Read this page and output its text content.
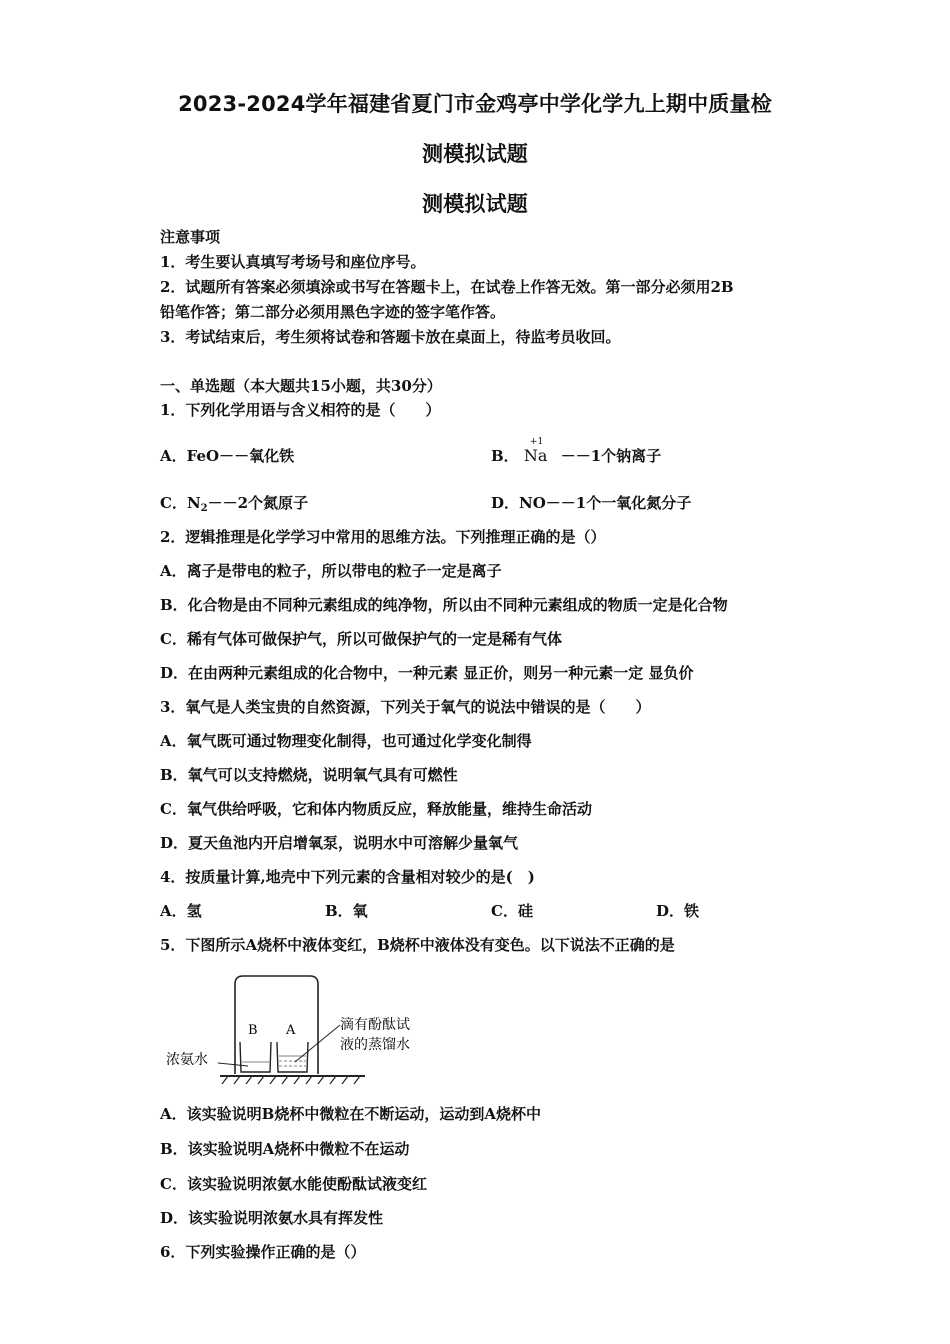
2023-2024学年福建省夏门市金鸡亭中学化学九上期中质量检
测模拟试题
测模拟试题
注意事项
1．考生要认真填写考场号和座位序号。
2．试题所有答案必须填涂或书写在答题卡上，在试卷上作答无效。第一部分必须用2B
铅笔作答；第二部分必须用黑色字迹的签字笔作答。
3．考试结束后，考生须将试卷和答题卡放在桌面上，待监考员收回。
一、单选题（本大题共15小题，共30分）
1．下列化学用语与含义相符的是（　　）
A．FeO－－氧化铁	B．
+1
Na －－1个钠离子
C．$N_2--2$个氮原子	D．NO－－1个一氧化氮分子
2．逻辑推理是化学学习中常用的思维方法。下列推理正确的是（）
A．离子是带电的粒子，所以带电的粒子一定是离子
B．化合物是由不同种元素组成的纯净物，所以由不同种元素组成的物质一定是化合物
C．稀有气体可做保护气，所以可做保护气的一定是稀有气体
D．在由两种元素组成的化合物中，一种元素 显正价，则另一种元素一定 显负价
3．氧气是人类宝贵的自然资源，下列关于氧气的说法中错误的是（　　）
A．氧气既可通过物理变化制得，也可通过化学变化制得
B．氧气可以支持燃烧，说明氧气具有可燃性
C．氧气供给呼吸，它和体内物质反应，释放能量，维持生命活动
D．夏天鱼池内开启增氧泵，说明水中可溶解少量氧气
4．按质量计算,地壳中下列元素的含量相对较少的是(　)
A．氢	B．氧	C．硅	D．铁
5．下图所示A烧杯中液体变红，B烧杯中液体没有变色。以下说法不正确的是
B A
浓氨水
滴有酚酞试
液的蒸馏水
A．该实验说明B烧杯中微粒在不断运动，运动到A烧杯中
B．该实验说明A烧杯中微粒不在运动
C．该实验说明浓氨水能使酚酞试液变红
D．该实验说明浓氨水具有挥发性
6．下列实验操作正确的是（）
